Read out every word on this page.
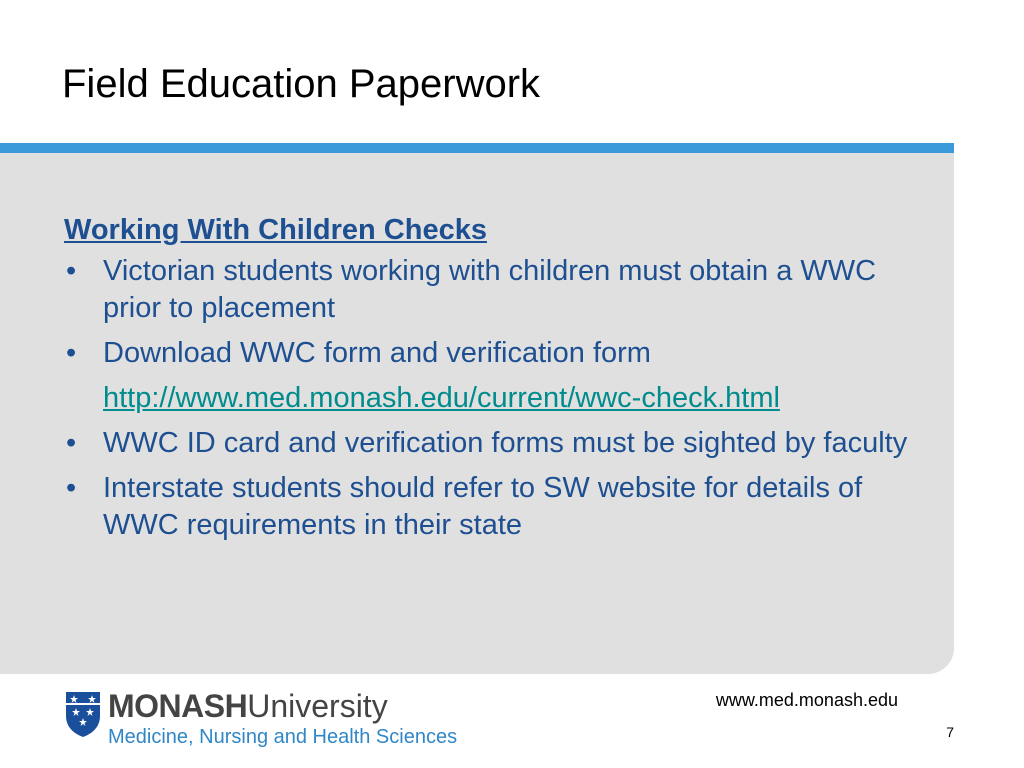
Field Education Paperwork
Working With Children Checks
• Victorian students working with children must obtain a WWC prior to placement
• Download WWC form and verification form
http://www.med.monash.edu/current/wwc-check.html
• WWC ID card and verification forms must be sighted by faculty
• Interstate students should refer to SW website for details of WWC requirements in their state
MONASHUniversity
Medicine, Nursing and Health Sciences
www.med.monash.edu
7
